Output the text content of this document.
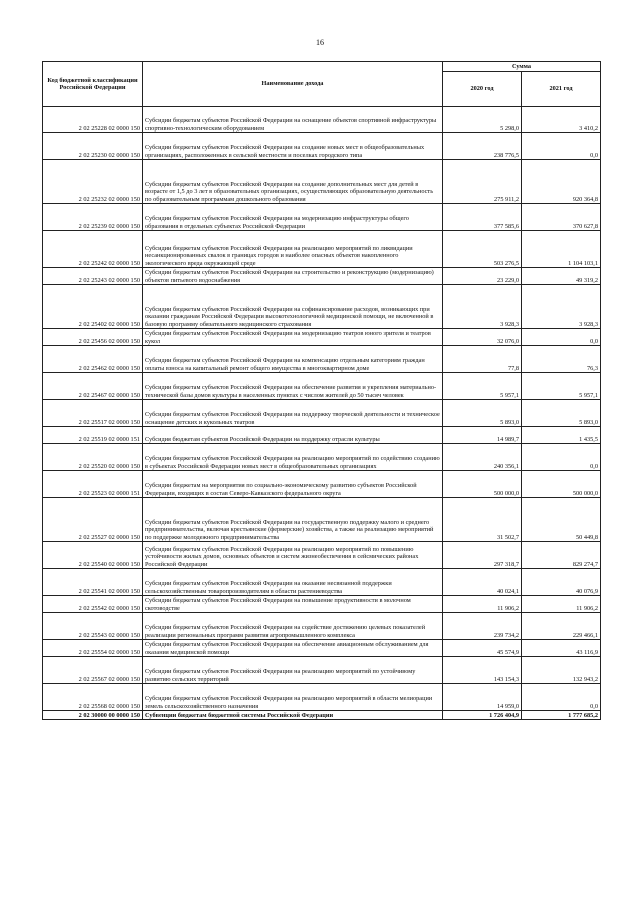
16
Код бюджетной классификации Российской Федерации	Наименование дохода	Сумма	
		2020 год	2021 год
2 02 25228 02 0000 150	Субсидии бюджетам субъектов Российской Федерации на оснащение объектов спортивной инфраструктуры спортивно-технологическим оборудованием	5 298,0	3 410,2
2 02 25230 02 0000 150	Субсидии бюджетам субъектов Российской Федерации на создание новых мест в общеобразовательных организациях, расположенных в сельской местности и поселках городского типа	238 776,5	0,0
2 02 25232 02 0000 150	Субсидии бюджетам субъектов Российской Федерации на создание дополнительных мест для детей в возрасте от 1,5 до 3 лет в образовательных организациях, осуществляющих образовательную деятельность по образовательным программам дошкольного образования	275 911,2	920 364,8
2 02 25239 02 0000 150	Субсидии бюджетам субъектов Российской Федерации на модернизацию инфраструктуры общего образования в отдельных субъектах Российской Федерации	377 585,6	370 627,8
2 02 25242 02 0000 150	Субсидии бюджетам субъектов Российской Федерации на реализацию мероприятий по ликвидации несанкционированных свалок в границах городов и наиболее опасных объектов накопленного экологического вреда окружающей среде	503 276,5	1 104 103,1
2 02 25243 02 0000 150	Субсидии бюджетам субъектов Российской Федерации на строительство и реконструкцию (модернизацию) объектов питьевого водоснабжения	23 229,0	49 319,2
2 02 25402 02 0000 150	Субсидии бюджетам субъектов Российской Федерации на софинансирование расходов, возникающих при оказании гражданам Российской Федерации высокотехнологичной медицинской помощи, не включенной в базовую программу обязательного медицинского страхования	3 928,3	3 928,3
2 02 25456 02 0000 150	Субсидии бюджетам субъектов Российской Федерации на модернизацию театров юного зрителя и театров кукол	32 076,0	0,0
2 02 25462 02 0000 150	Субсидии бюджетам субъектов Российской Федерации на компенсацию отдельным категориям граждан оплаты взноса на капитальный ремонт общего имущества в многоквартирном доме	77,8	76,3
2 02 25467 02 0000 150	Субсидии бюджетам субъектов Российской Федерации на обеспечение развития и укрепления материально-технической базы домов культуры в населенных пунктах с числом жителей до 50 тысяч человек	5 957,1	5 957,1
2 02 25517 02 0000 150	Субсидии бюджетам субъектов Российской Федерации на поддержку творческой деятельности и техническое оснащение детских и кукольных театров	5 893,0	5 893,0
2 02 25519 02 0000 151	Субсидия бюджетам субъектов Российской Федерации на поддержку отрасли культуры	14 989,7	1 435,5
2 02 25520 02 0000 150	Субсидии бюджетам субъектов Российской Федерации на реализацию мероприятий по содействию созданию в субъектах Российской Федерации новых мест в общеобразовательных организациях	240 356,1	0,0
2 02 25523 02 0000 151	Субсидии бюджетам на мероприятия по социально-экономическому развитию субъектов Российской Федерации, входящих в состав Северо-Кавказского федерального округа	500 000,0	500 000,0
2 02 25527 02 0000 150	Субсидии бюджетам субъектов Российской Федерации на государственную поддержку малого и среднего предпринимательства, включая крестьянские (фермерские) хозяйства, а также на реализацию мероприятий по поддержке молодежного предпринимательства	31 502,7	50 449,8
2 02 25540 02 0000 150	Субсидии бюджетам субъектов Российской Федерации на реализацию мероприятий по повышению устойчивости жилых домов, основных объектов и систем жизнеобеспечения в сейсмических районах Российской Федерации	297 318,7	829 274,7
2 02 25541 02 0000 150	Субсидии бюджетам субъектов Российской Федерации на оказание несвязанной поддержки сельскохозяйственным товаропроизводителям в области растениеводства	40 024,1	40 076,9
2 02 25542 02 0000 150	Субсидии бюджетам субъектов Российской Федерации на повышение продуктивности в молочном скотоводстве	11 906,2	11 906,2
2 02 25543 02 0000 150	Субсидии бюджетам субъектов Российской Федерации на содействие достижению целевых показателей реализации региональных программ развития агропромышленного комплекса	239 734,2	229 466,1
2 02 25554 02 0000 150	Субсидии бюджетам субъектов Российской Федерации на обеспечение авиационным обслуживанием для оказания медицинской помощи	45 574,9	43 116,9
2 02 25567 02 0000 150	Субсидии бюджетам субъектов Российской Федерации на реализацию мероприятий по устойчивому развитию сельских территорий	143 154,3	132 943,2
2 02 25568 02 0000 150	Субсидии бюджетам субъектов Российской Федерации на реализацию мероприятий в области мелиорации земель сельскохозяйственного назначения	14 959,0	0,0
2 02 30000 00 0000 150	Субвенции бюджетам бюджетной системы Российской Федерации	1 726 404,9	1 777 685,2
